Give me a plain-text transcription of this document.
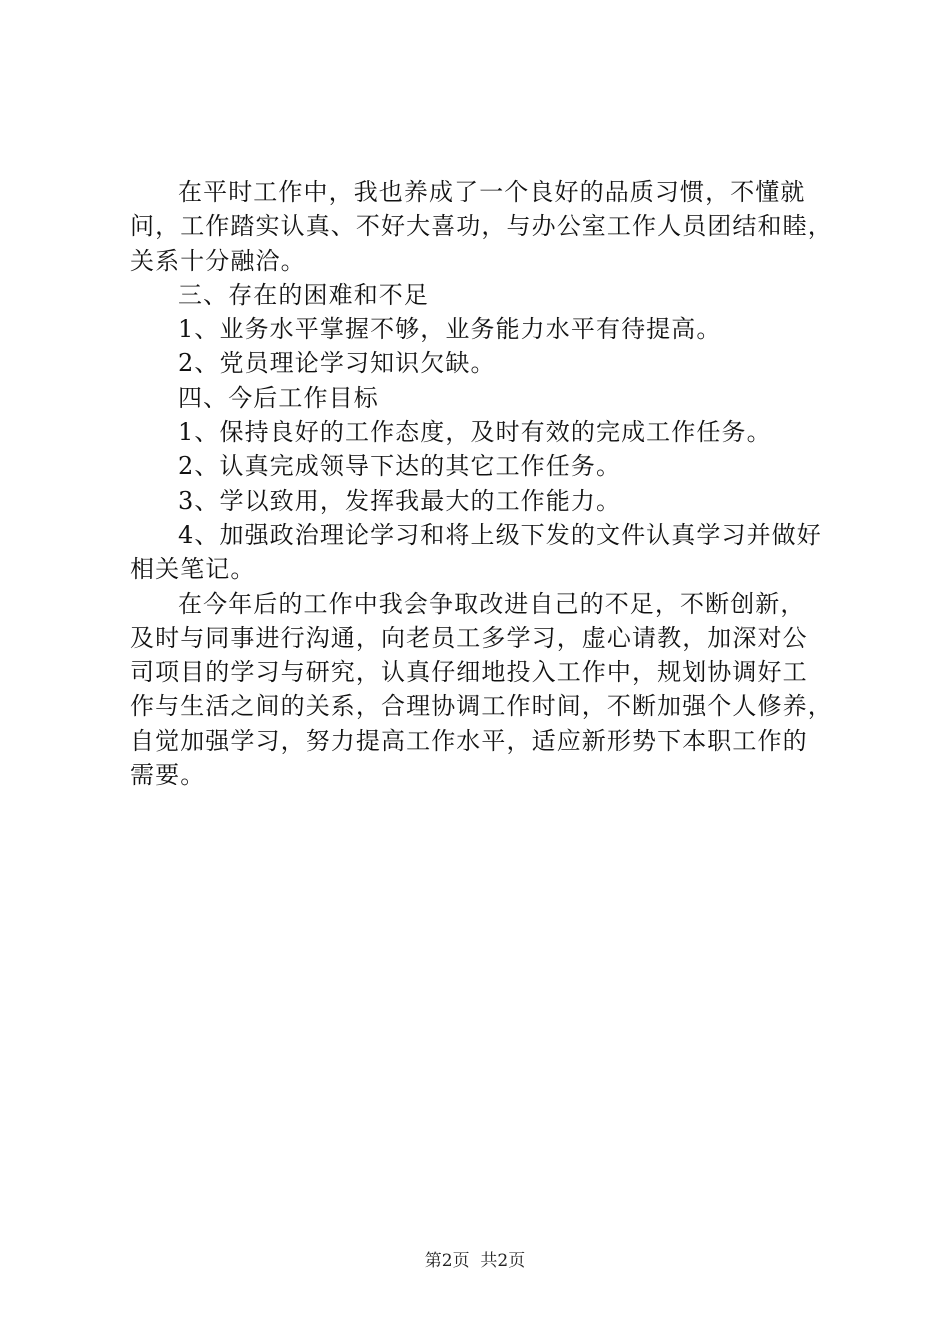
在平时工作中，我也养成了一个良好的品质习惯，不懂就
问，工作踏实认真、不好大喜功，与办公室工作人员团结和睦，
关系十分融洽。
三、存在的困难和不足
1、业务水平掌握不够，业务能力水平有待提高。
2、党员理论学习知识欠缺。
四、今后工作目标
1、保持良好的工作态度，及时有效的完成工作任务。
2、认真完成领导下达的其它工作任务。
3、学以致用，发挥我最大的工作能力。
4、加强政治理论学习和将上级下发的文件认真学习并做好
相关笔记。
在今年后的工作中我会争取改进自己的不足，不断创新，
及时与同事进行沟通，向老员工多学习，虚心请教，加深对公
司项目的学习与研究，认真仔细地投入工作中，规划协调好工
作与生活之间的关系，合理协调工作时间，不断加强个人修养，
自觉加强学习，努力提高工作水平，适应新形势下本职工作的
需要。
第2页  共2页
